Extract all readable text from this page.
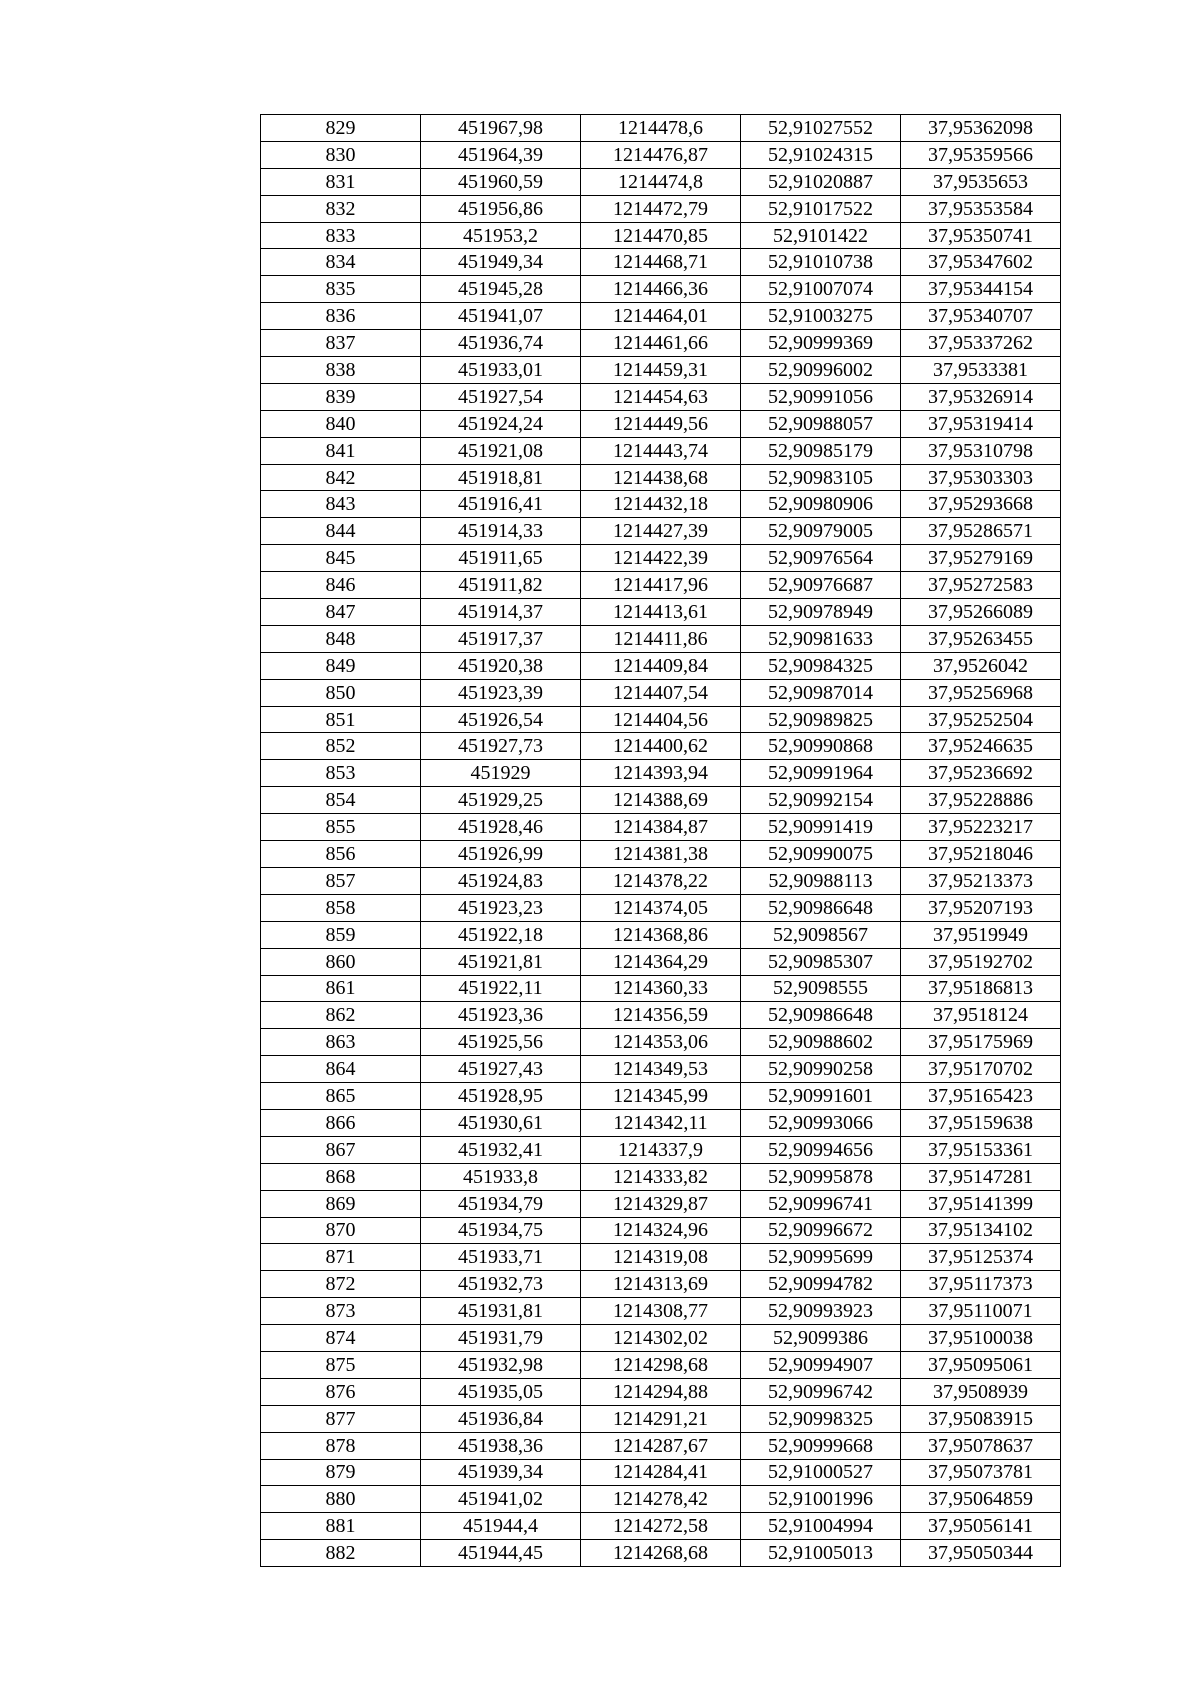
829	451967,98	1214478,6	52,91027552	37,95362098
830	451964,39	1214476,87	52,91024315	37,95359566
831	451960,59	1214474,8	52,91020887	37,9535653
832	451956,86	1214472,79	52,91017522	37,95353584
833	451953,2	1214470,85	52,9101422	37,95350741
834	451949,34	1214468,71	52,91010738	37,95347602
835	451945,28	1214466,36	52,91007074	37,95344154
836	451941,07	1214464,01	52,91003275	37,95340707
837	451936,74	1214461,66	52,90999369	37,95337262
838	451933,01	1214459,31	52,90996002	37,9533381
839	451927,54	1214454,63	52,90991056	37,95326914
840	451924,24	1214449,56	52,90988057	37,95319414
841	451921,08	1214443,74	52,90985179	37,95310798
842	451918,81	1214438,68	52,90983105	37,95303303
843	451916,41	1214432,18	52,90980906	37,95293668
844	451914,33	1214427,39	52,90979005	37,95286571
845	451911,65	1214422,39	52,90976564	37,95279169
846	451911,82	1214417,96	52,90976687	37,95272583
847	451914,37	1214413,61	52,90978949	37,95266089
848	451917,37	1214411,86	52,90981633	37,95263455
849	451920,38	1214409,84	52,90984325	37,9526042
850	451923,39	1214407,54	52,90987014	37,95256968
851	451926,54	1214404,56	52,90989825	37,95252504
852	451927,73	1214400,62	52,90990868	37,95246635
853	451929	1214393,94	52,90991964	37,95236692
854	451929,25	1214388,69	52,90992154	37,95228886
855	451928,46	1214384,87	52,90991419	37,95223217
856	451926,99	1214381,38	52,90990075	37,95218046
857	451924,83	1214378,22	52,90988113	37,95213373
858	451923,23	1214374,05	52,90986648	37,95207193
859	451922,18	1214368,86	52,9098567	37,9519949
860	451921,81	1214364,29	52,90985307	37,95192702
861	451922,11	1214360,33	52,9098555	37,95186813
862	451923,36	1214356,59	52,90986648	37,9518124
863	451925,56	1214353,06	52,90988602	37,95175969
864	451927,43	1214349,53	52,90990258	37,95170702
865	451928,95	1214345,99	52,90991601	37,95165423
866	451930,61	1214342,11	52,90993066	37,95159638
867	451932,41	1214337,9	52,90994656	37,95153361
868	451933,8	1214333,82	52,90995878	37,95147281
869	451934,79	1214329,87	52,90996741	37,95141399
870	451934,75	1214324,96	52,90996672	37,95134102
871	451933,71	1214319,08	52,90995699	37,95125374
872	451932,73	1214313,69	52,90994782	37,95117373
873	451931,81	1214308,77	52,90993923	37,95110071
874	451931,79	1214302,02	52,9099386	37,95100038
875	451932,98	1214298,68	52,90994907	37,95095061
876	451935,05	1214294,88	52,90996742	37,9508939
877	451936,84	1214291,21	52,90998325	37,95083915
878	451938,36	1214287,67	52,90999668	37,95078637
879	451939,34	1214284,41	52,91000527	37,95073781
880	451941,02	1214278,42	52,91001996	37,95064859
881	451944,4	1214272,58	52,91004994	37,95056141
882	451944,45	1214268,68	52,91005013	37,95050344
